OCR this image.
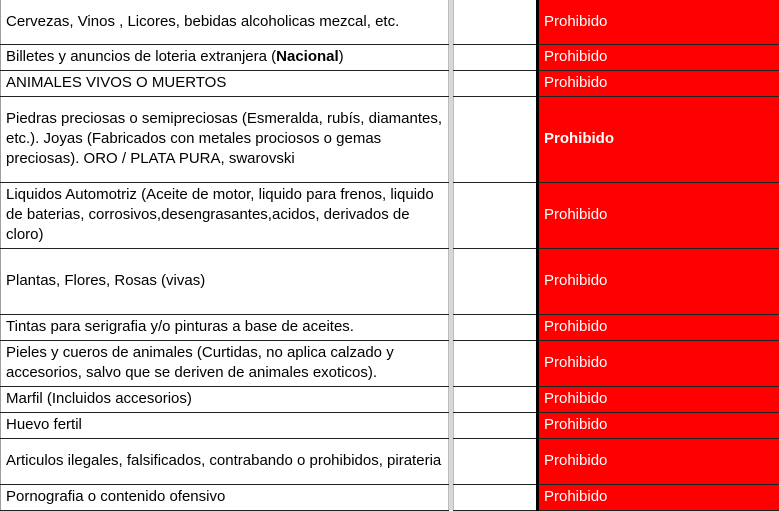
Cervezas, Vinos , Licores, bebidas alcoholicas mezcal, etc.			Prohibido
Billetes y anuncios de loteria extranjera (Nacional)			Prohibido
ANIMALES VIVOS O MUERTOS			Prohibido
Piedras preciosas o semipreciosas (Esmeralda, rubís, diamantes, etc.). Joyas (Fabricados con metales prociosos o gemas preciosas). ORO / PLATA PURA, swarovski			Prohibido
Liquidos Automotriz (Aceite de motor, liquido para frenos, liquido de baterias, corrosivos,desengrasantes,acidos, derivados de cloro)			Prohibido
Plantas, Flores, Rosas (vivas)			Prohibido
Tintas para serigrafia y/o pinturas a base de aceites.			Prohibido
Pieles y cueros de animales (Curtidas, no aplica calzado y accesorios, salvo que se deriven de animales exoticos).			Prohibido
Marfil (Incluidos accesorios)			Prohibido
Huevo fertil			Prohibido
Articulos ilegales, falsificados, contrabando o prohibidos, pirateria			Prohibido
Pornografia o contenido ofensivo			Prohibido
